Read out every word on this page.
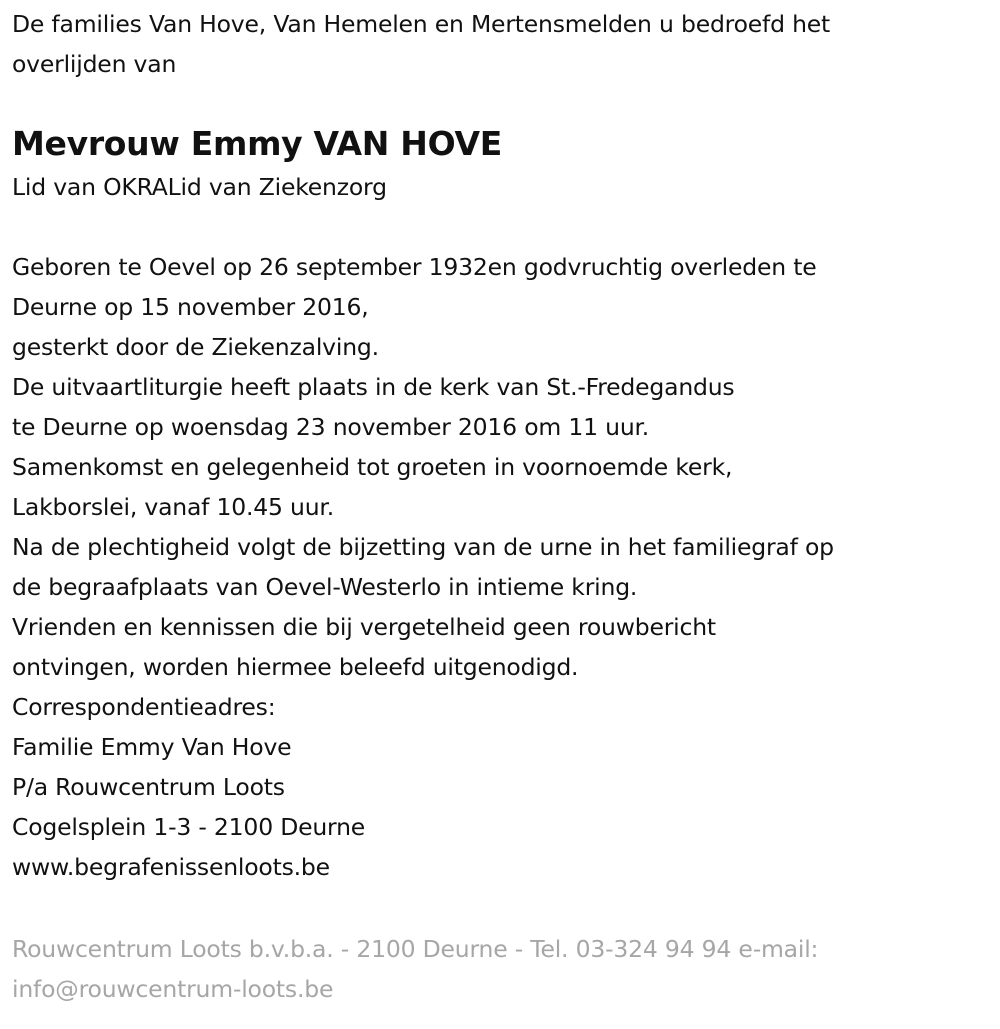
De families Van Hove, Van Hemelen en Mertensmelden u bedroefd het
overlijden van
Mevrouw Emmy VAN HOVE
Lid van OKRALid van Ziekenzorg
Geboren te Oevel op 26 september 1932en godvruchtig overleden te
Deurne op 15 november 2016,
gesterkt door de Ziekenzalving.
De uitvaartliturgie heeft plaats in de kerk van St.-Fredegandus
te Deurne op woensdag 23 november 2016 om 11 uur.
Samenkomst en gelegenheid tot groeten in voornoemde kerk,
Lakborslei, vanaf 10.45 uur.
Na de plechtigheid volgt de bijzetting van de urne in het familiegraf op
de begraafplaats van Oevel-Westerlo in intieme kring.
Vrienden en kennissen die bij vergetelheid geen rouwbericht
ontvingen, worden hiermee beleefd uitgenodigd.
Correspondentieadres:
Familie Emmy Van Hove
P/a Rouwcentrum Loots
Cogelsplein 1-3 - 2100 Deurne
www.begrafenissenloots.be
Rouwcentrum Loots b.v.b.a. - 2100 Deurne - Tel. 03-324 94 94 e-mail:
info@rouwcentrum-loots.be
